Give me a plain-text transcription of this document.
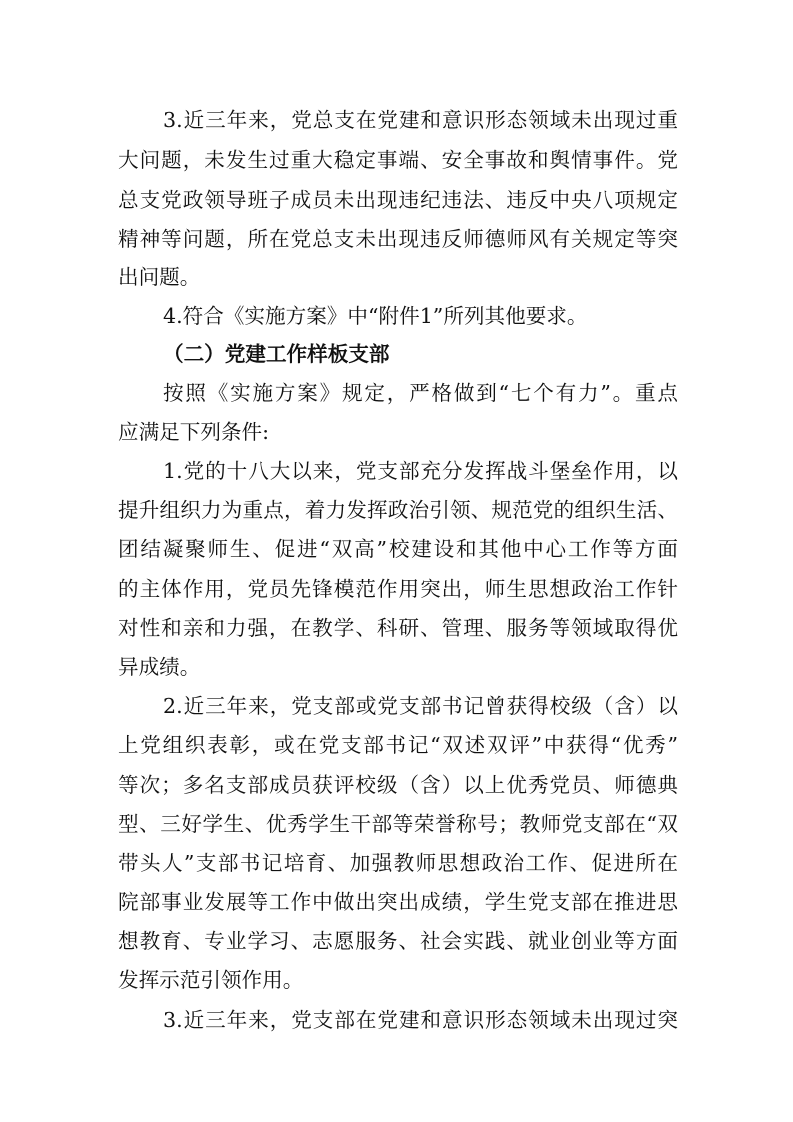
3.近三年来，党总支在党建和意识形态领域未出现过重
大问题，未发生过重大稳定事端、安全事故和舆情事件。党
总支党政领导班子成员未出现违纪违法、违反中央八项规定
精神等问题，所在党总支未出现违反师德师风有关规定等突
出问题。
4.符合《实施方案》中“附件1”所列其他要求。
（二）党建工作样板支部
按照《实施方案》规定，严格做到“七个有力”。重点
应满足下列条件:
1.党的十八大以来，党支部充分发挥战斗堡垒作用，以
提升组织力为重点，着力发挥政治引领、规范党的组织生活、
团结凝聚师生、促进“双高”校建设和其他中心工作等方面
的主体作用，党员先锋模范作用突出，师生思想政治工作针
对性和亲和力强，在教学、科研、管理、服务等领域取得优
异成绩。
2.近三年来，党支部或党支部书记曾获得校级（含）以
上党组织表彰，或在党支部书记“双述双评”中获得“优秀”
等次；多名支部成员获评校级（含）以上优秀党员、师德典
型、三好学生、优秀学生干部等荣誉称号；教师党支部在“双
带头人”支部书记培育、加强教师思想政治工作、促进所在
院部事业发展等工作中做出突出成绩，学生党支部在推进思
想教育、专业学习、志愿服务、社会实践、就业创业等方面
发挥示范引领作用。
3.近三年来，党支部在党建和意识形态领域未出现过突
